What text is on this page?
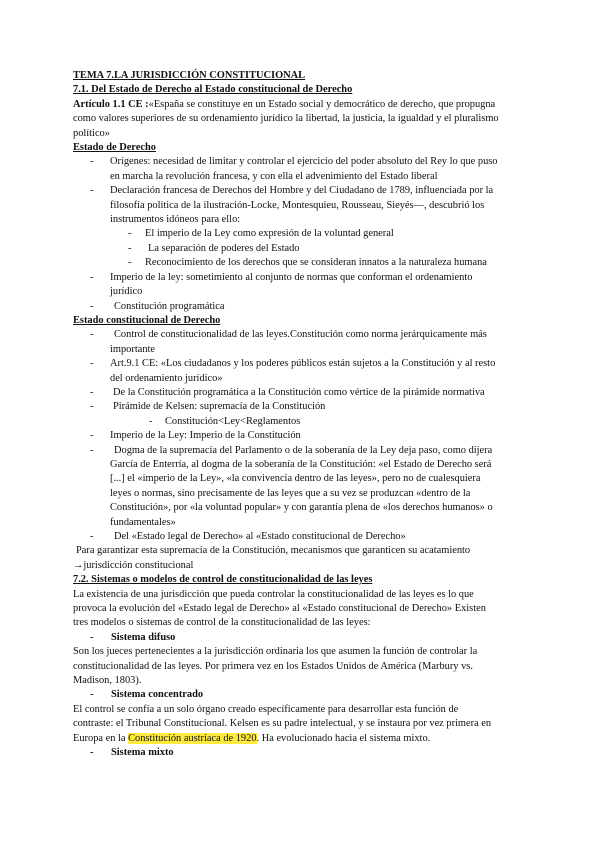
TEMA 7.LA JURISDICCIÓN CONSTITUCIONAL
7.1. Del Estado de Derecho al Estado constitucional de Derecho
Artículo 1.1 CE :«España se constituye en un Estado social y democrático de derecho, que propugna
como valores superiores de su ordenamiento jurídico la libertad, la justicia, la igualdad y el pluralismo
político»
Estado de Derecho
- Orígenes: necesidad de limitar y controlar el ejercicio del poder absoluto del Rey lo que puso
en marcha la revolución francesa, y con ella el advenimiento del Estado liberal
- Declaración francesa de Derechos del Hombre y del Ciudadano de 1789, influenciada por la
filosofía política de la ilustración-Locke, Montesquieu, Rousseau, Sieyés—, descubrió los
instrumentos idóneos para ello:
- El imperio de la Ley como expresión de la voluntad general
- La separación de poderes del Estado
- Reconocimiento de los derechos que se consideran innatos a la naturaleza humana
- Imperio de la ley: sometimiento al conjunto de normas que conforman el ordenamiento
jurídico
-	Constitución programática
Estado constitucional de Derecho
-	Control de constitucionalidad de las leyes.Constitución como norma jerárquicamente más
importante
- Art.9.1 CE: «Los ciudadanos y los poderes públicos están sujetos a la Constitución y al resto
del ordenamiento jurídico»
- De la Constitución programática a la Constitución como vértice de la pirámide normativa
- Pirámide de Kelsen: supremacía de la Constitución
- Constitución<Ley<Reglamentos
- Imperio de la Ley: Imperio de la Constitución
-	Dogma de la supremacía del Parlamento o de la soberanía de la Ley deja paso, como dijera
García de Enterría, al dogma de la soberanía de la Constitución: «el Estado de Derecho será
[...] el «imperio de la Ley», «la convivencia dentro de las leyes», pero no de cualesquiera
leyes o normas, sino precisamente de las leyes que a su vez se produzcan «dentro de la
Constitución», por «la voluntad popular» y con garantía plena de «los derechos humanos» o
fundamentales»
-	Del «Estado legal de Derecho» al «Estado constitucional de Derecho»
Para garantizar esta supremacía de la Constitución, mecanismos que garanticen su acatamiento
→jurisdicción constitucional
7.2. Sistemas o modelos de control de constitucionalidad de las leyes
La existencia de una jurisdicción que pueda controlar la constitucionalidad de las leyes es lo que
provoca la evolución del «Estado legal de Derecho» al «Estado constitucional de Derecho» Existen
tres modelos o sistemas de control de la constitucionalidad de las leyes:
- Sistema difuso
Son los jueces pertenecientes a la jurisdicción ordinaria los que asumen la función de controlar la
constitucionalidad de las leyes. Por primera vez en los Estados Unidos de América (Marbury vs.
Madison, 1803).
- Sistema concentrado
El control se confía a un solo órgano creado específicamente para desarrollar esta función de
contraste: el Tribunal Constitucional. Kelsen es su padre intelectual, y se instaura por vez primera en
Europa en la Constitución austriaca de 1920. Ha evolucionado hacia el sistema mixto.
- Sistema mixto
